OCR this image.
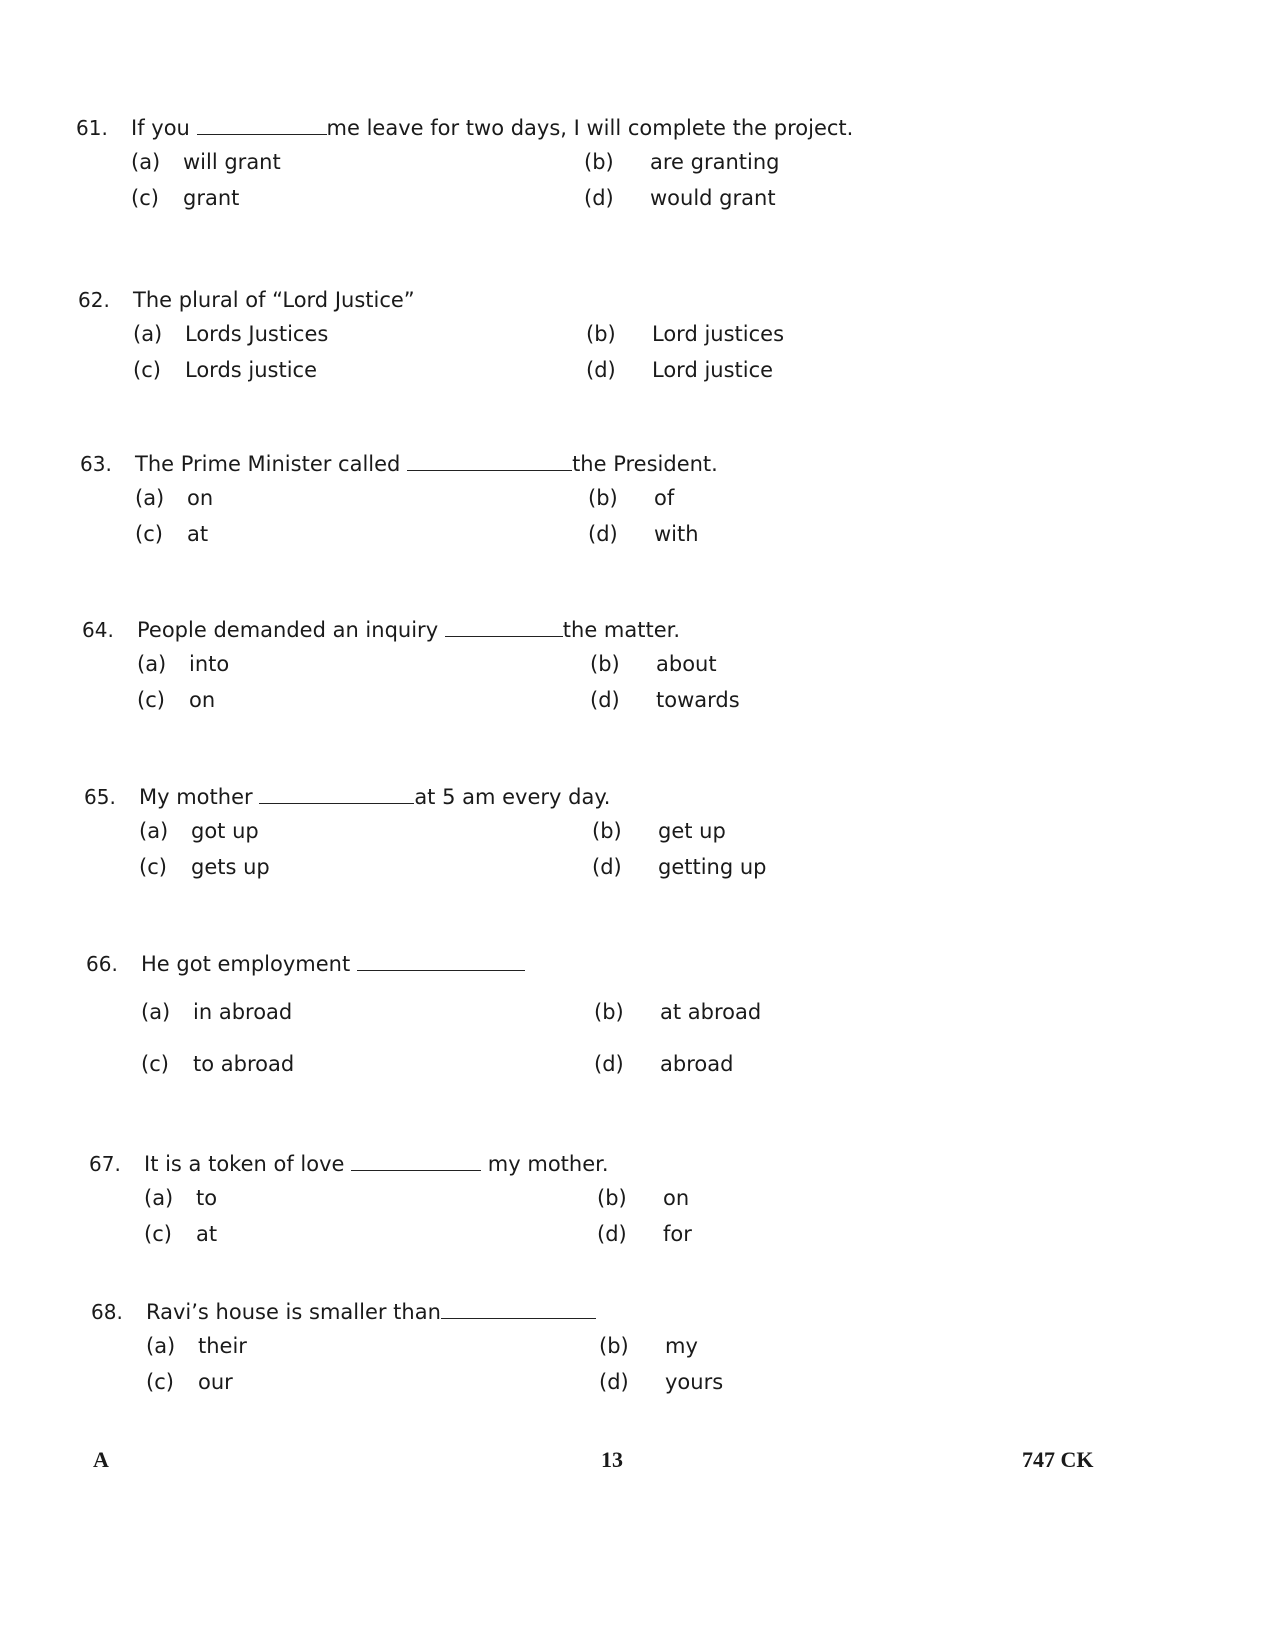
61. If you	me leave for two days, I will complete the project.
(a) will grant	(b) are granting
(c) grant	(d) would grant
62. The plural of “Lord Justice”
(a) Lords Justices	(b) Lord justices
(c) Lords justice	(d) Lord justice
63. The Prime Minister called	the President.
(a) on	(b) of
(c) at	(d) with
64. People demanded an inquiry	the matter.
(a) into	(b) about
(c) on	(d) towards
65. My mother	at 5 am every day.
(a) got up	(b) get up
(c) gets up	(d) getting up
66. He got employment
(a) in abroad	(b) at abroad
(c) to abroad	(d) abroad
67. It is a token of love	my mother.
(a) to	(b) on
(c) at	(d) for
68. Ravi’s house is smaller than
(a) their	(b) my
(c) our	(d) yours
A	13	747 CK
